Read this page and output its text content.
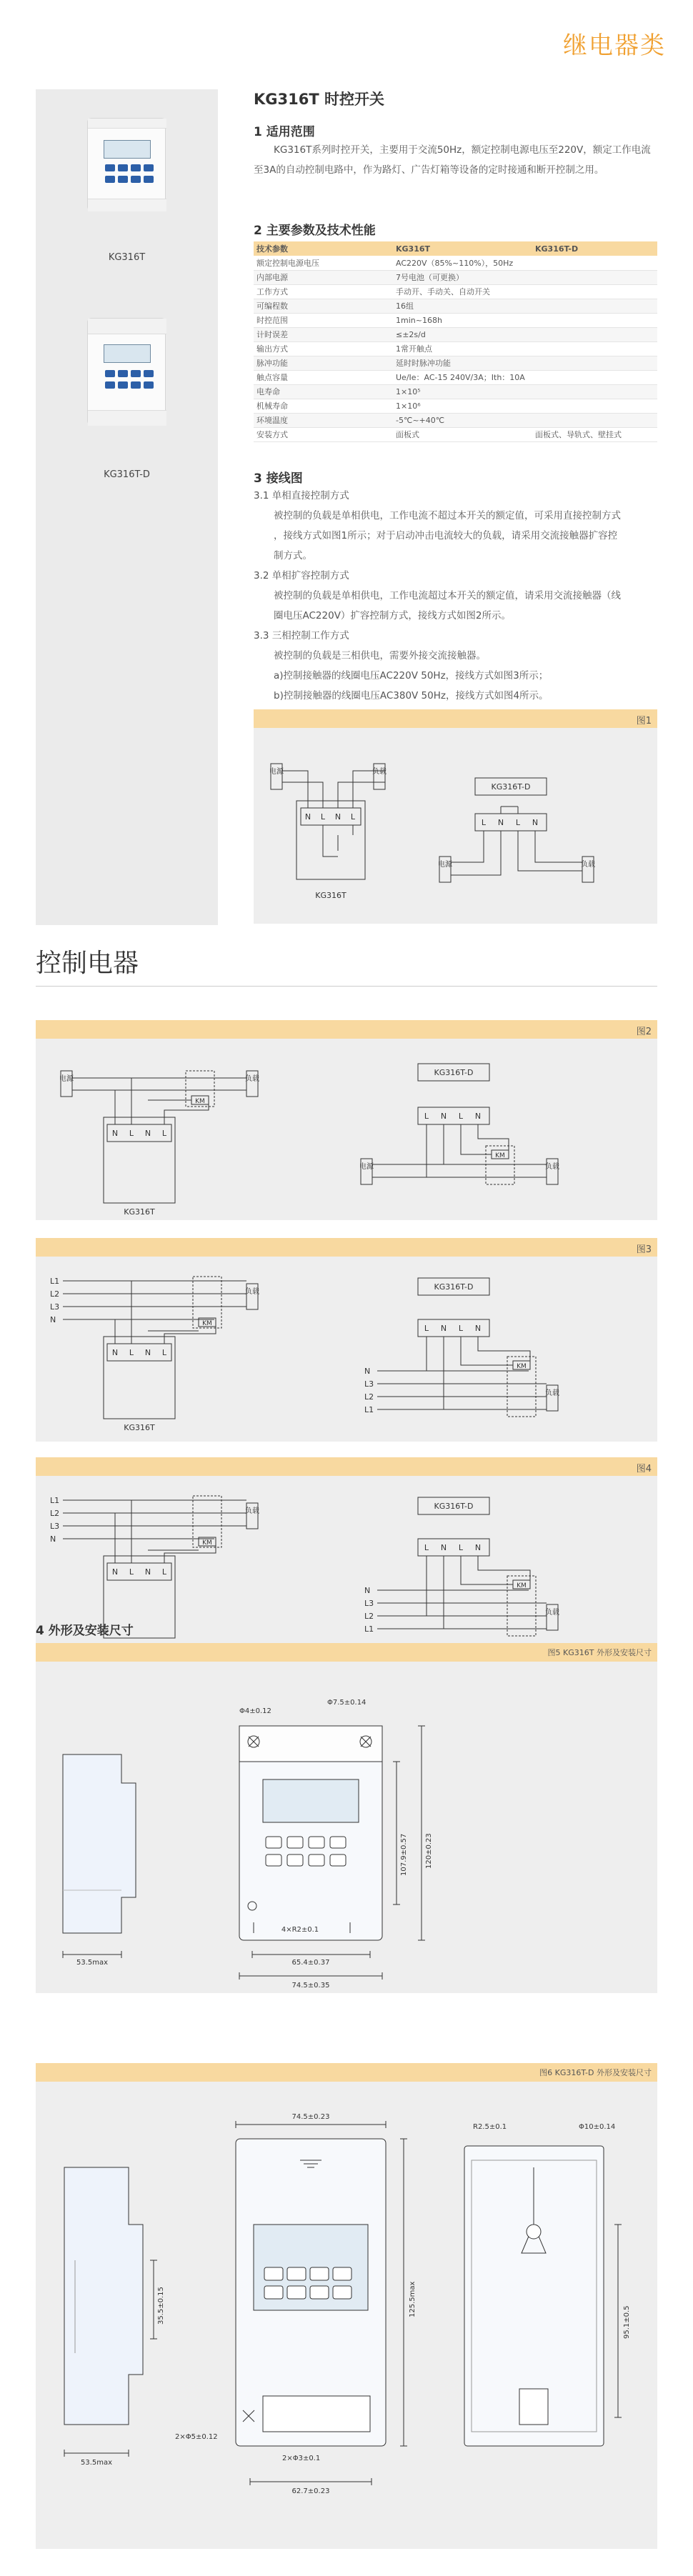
继电器类
KG316T
KG316T-D
KG316T 时控开关
1 适用范围
KG316T系列时控开关，主要用于交流50Hz，额定控制电源电压至220V，额定工作电流至3A的自动控制电路中，作为路灯、广告灯箱等设备的定时接通和断开控制之用。
2 主要参数及技术性能
技术参数	KG316T	KG316T-D
额定控制电源电压	AC220V（85%~110%），50Hz	
内部电源	7号电池（可更换）	
工作方式	手动开、手动关、自动开关	
可编程数	16组	
时控范围	1min~168h	
计时误差	≤±2s/d	
输出方式	1常开触点	
脉冲功能	延时时脉冲功能	
触点容量	Ue/Ie：AC-15 240V/3A；Ith：10A	
电寿命	1×10⁵	
机械寿命	1×10⁶	
环境温度	-5℃~+40℃	
安装方式	面板式	面板式、导轨式、壁挂式
3 接线图
3.1 单相直接控制方式
被控制的负载是单相供电，工作电流不超过本开关的额定值，可采用直接控制方式
，接线方式如图1所示；对于启动冲击电流较大的负载，请采用交流接触器扩容控
制方式。
3.2 单相扩容控制方式
被控制的负载是单相供电，工作电流超过本开关的额定值，请采用交流接触器（线
圈电压AC220V）扩容控制方式，接线方式如图2所示。
3.3 三相控制工作方式
被控制的负载是三相供电，需要外接交流接触器。
a)控制接触器的线圈电压AC220V 50Hz，接线方式如图3所示；
b)控制接触器的线圈电压AC380V 50Hz，接线方式如图4所示。
图1
电源	负载
N L N L
KG316T
KG316T-D
L N L N
电源	负载
控制电器
图2
电源	负载
KM
N L N L
KG316T
KG316T-D
L N L N
电源	负载
KM
图3
L1
L2
L3
N
负载
KM
N L N L
KG316T
KG316T-D
L N L N
N
L3
L2
L1
负载
KM
图4
L1
L2
L3
N
负载
KM
N L N L
KG316T-D
L N L N
N
L3
L2
L1
负载
KM
4 外形及安装尺寸
图5 KG316T 外形及安装尺寸
53.5max
Φ4±0.12
Φ7.5±0.14
107.9±0.57 120±0.23
4×R2±0.1
65.4±0.37
74.5±0.35
图6 KG316T-D 外形及安装尺寸
35.5±0.15
53.5max
74.5±0.23
125.5max
2×Φ5±0.12
2×Φ3±0.1
62.7±0.23
R2.5±0.1	Φ10±0.14
95.1±0.5
